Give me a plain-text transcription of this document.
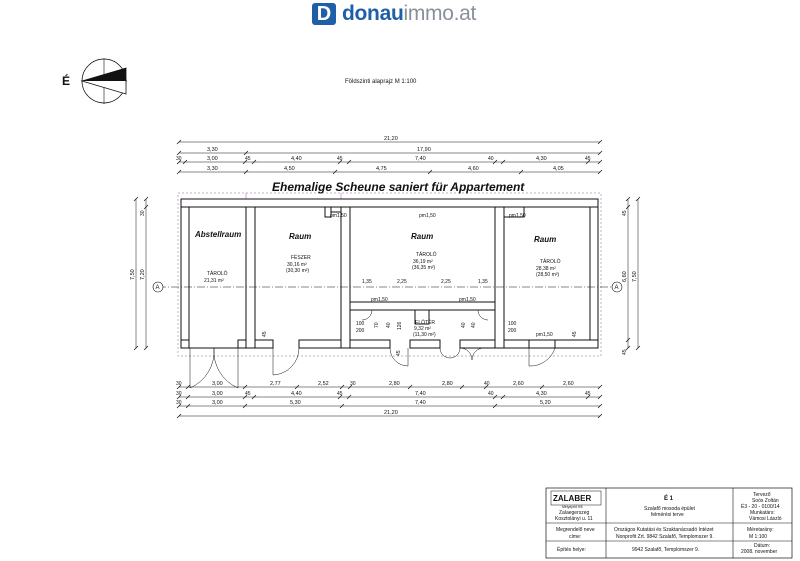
D donauimmo.at
É	Földszinti alaprajz M 1:100
21,20
3,30	17,90
30	3,00	45	4,40	45	7,40	40	4,30	45
3,30	4,50	4,75	4,60	4,05
A	A
Ehemalige Scheune saniert für Appartement
Abstellraum
TÁROLÓ
21,31 m²
Raum
FÉSZER
30,16 m²
(30,30 m²)
Raum
TÁROLÓ
36,19 m²
(36,35 m²)
Raum
TÁROLÓ
28,38 m²
(28,50 m²)
ELŐTÉR
9,32 m²
(11,30 m²)
pm1,50	pm1,50	pm1,50
pm1,50	pm1,50
pm1,50
1,35	2,25	2,25	1,35
100
200
100
200
70 40 126	40 40
45	45
45
30	3,00	2,77	2,52	30	2,80	2,80	40	2,60	2,60
30	3,00	45	4,40	45	7,40	40	4,30	45
30	3,00	5,30	7,40	5,20
21,20
30
7,50 7,20
45
6,60 7,50
45
ZALABER
Mélyépítő Kft.
Zalaegerszeg
Kosztolányi u. 11
É 1
Szalafő mosoda épület
felmérési terve
Tervező
Soós Zoltán
É3 - 20 - 0100/14
Munkatárs:
Vámosi László
Megrendelő neve
címe:
Országos Kutatási és Szaktanácsadó Intézet
Nonprofit Zrt. 9842 Szalafő, Templomszer 9.
Méretarány:
M 1:100
Építés helye:	9942 Szalafő, Templomszer 9.
Dátum:
2008. november
